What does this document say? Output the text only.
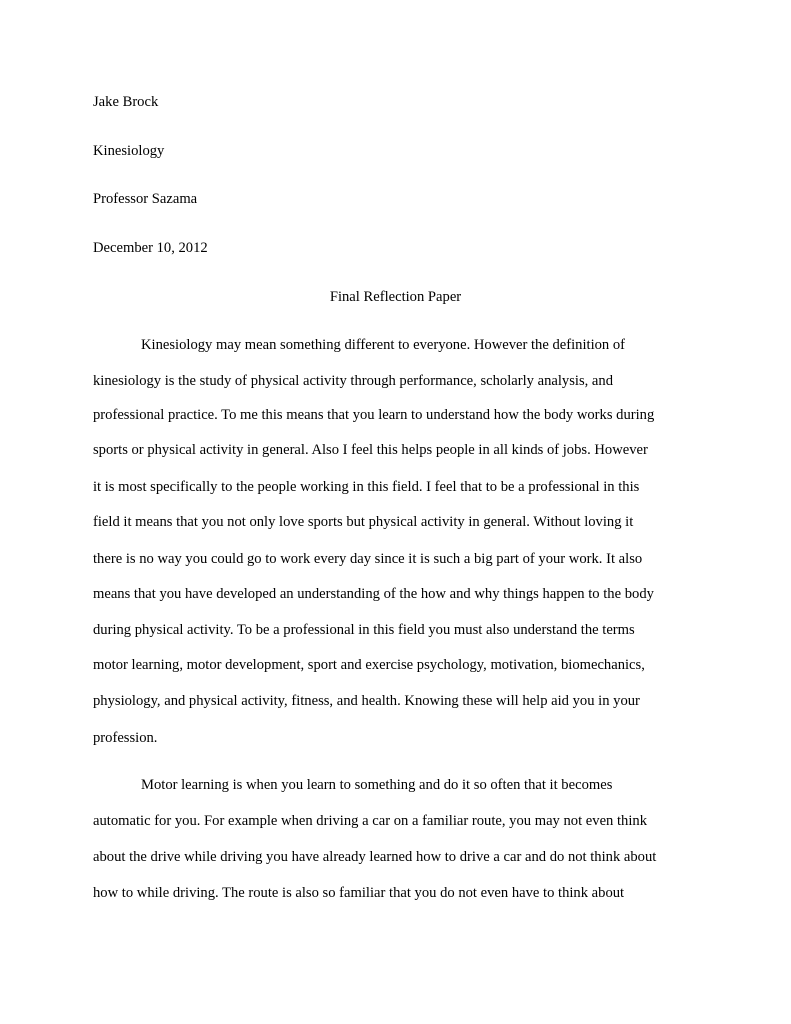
Jake Brock

Kinesiology

Professor Sazama

December 10, 2012

Final Reflection Paper

Kinesiology may mean something different to everyone. However the definition of

kinesiology is the study of physical activity through performance, scholarly analysis, and

professional practice. To me this means that you learn to understand how the body works during

sports or physical activity in general. Also I feel this helps people in all kinds of jobs. However

it is most specifically to the people working in this field. I feel that to be a professional in this

field it means that you not only love sports but physical activity in general. Without loving it

there is no way you could go to work every day since it is such a big part of your work. It also

means that you have developed an understanding of the how and why things happen to the body

during physical activity. To be a professional in this field you must also understand the terms

motor learning, motor development, sport and exercise psychology, motivation, biomechanics,

physiology, and physical activity, fitness, and health. Knowing these will help aid you in your

profession.

Motor learning is when you learn to something and do it so often that it becomes

automatic for you. For example when driving a car on a familiar route, you may not even think

about the drive while driving you have already learned how to drive a car and do not think about

how to while driving. The route is also so familiar that you do not even have to think about
